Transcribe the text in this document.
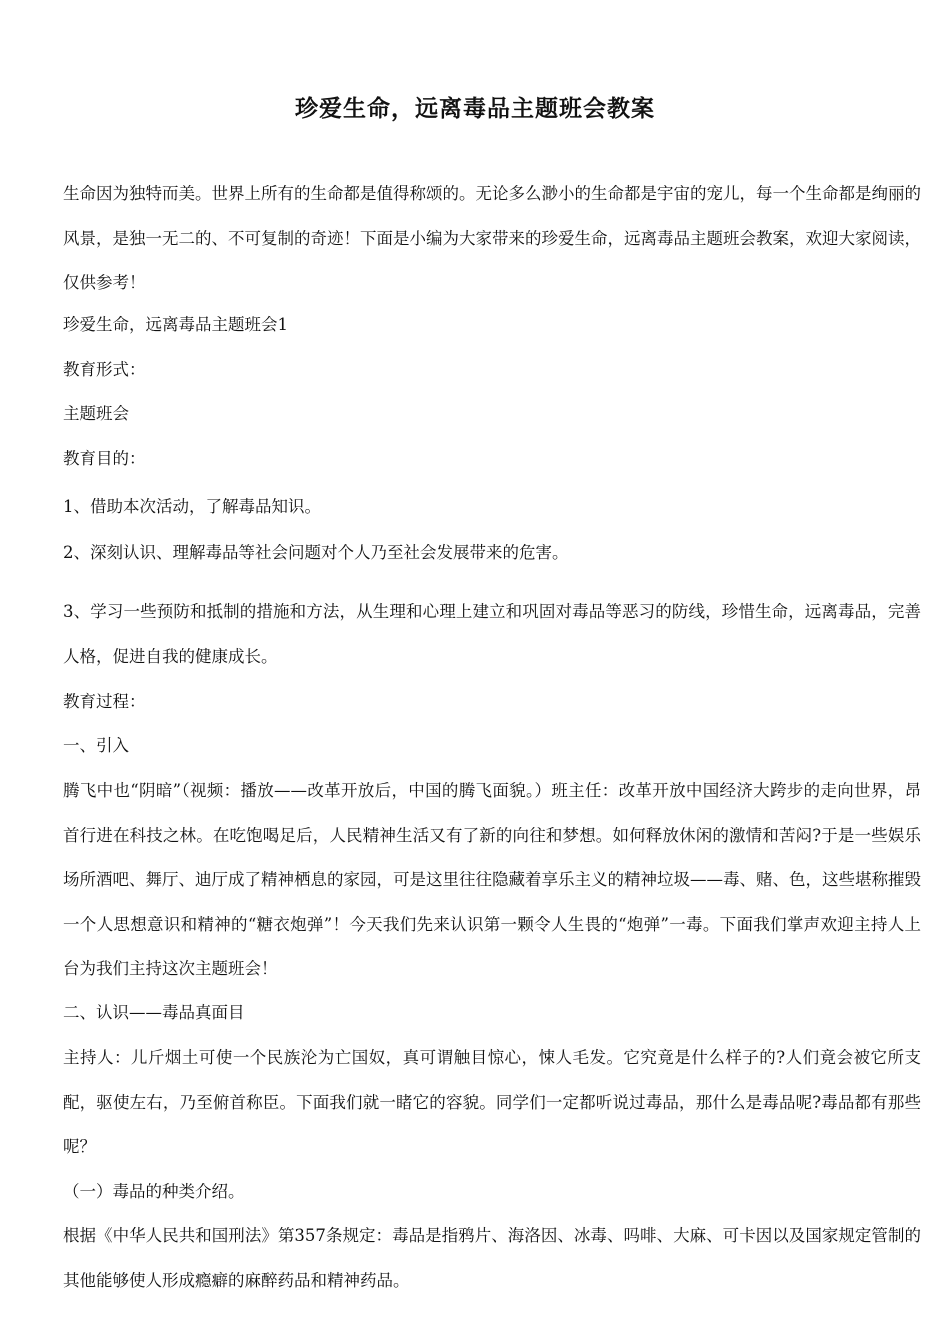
珍爱生命，远离毒品主题班会教案
生命因为独特而美。世界上所有的生命都是值得称颂的。无论多么渺小的生命都是宇宙的宠儿，每一个生命都是绚丽的风景，是独一无二的、不可复制的奇迹！下面是小编为大家带来的珍爱生命，远离毒品主题班会教案，欢迎大家阅读，仅供参考！
珍爱生命，远离毒品主题班会1
教育形式：
主题班会
教育目的：
1、借助本次活动，了解毒品知识。
2、深刻认识、理解毒品等社会问题对个人乃至社会发展带来的危害。
3、学习一些预防和抵制的措施和方法，从生理和心理上建立和巩固对毒品等恶习的防线，珍惜生命，远离毒品，完善人格，促进自我的健康成长。
教育过程：
一、引入
腾飞中也“阴暗”（视频：播放——改革开放后，中国的腾飞面貌。）班主任：改革开放中国经济大跨步的走向世界，昂首行进在科技之林。在吃饱喝足后，人民精神生活又有了新的向往和梦想。如何释放休闲的激情和苦闷?于是一些娱乐场所酒吧、舞厅、迪厅成了精神栖息的家园，可是这里往往隐藏着享乐主义的精神垃圾——毒、赌、色，这些堪称摧毁一个人思想意识和精神的“糖衣炮弹”！今天我们先来认识第一颗令人生畏的“炮弹”一毒。下面我们掌声欢迎主持人上台为我们主持这次主题班会！
二、认识——毒品真面目
主持人：儿斤烟土可使一个民族沦为亡国奴，真可谓触目惊心，悚人毛发。它究竟是什么样子的?人们竟会被它所支配，驱使左右，乃至俯首称臣。下面我们就一睹它的容貌。同学们一定都听说过毒品，那什么是毒品呢?毒品都有那些呢？
（一）毒品的种类介绍。
根据《中华人民共和国刑法》第357条规定：毒品是指鸦片、海洛因、冰毒、吗啡、大麻、可卡因以及国家规定管制的其他能够使人形成瘾癖的麻醉药品和精神药品。
